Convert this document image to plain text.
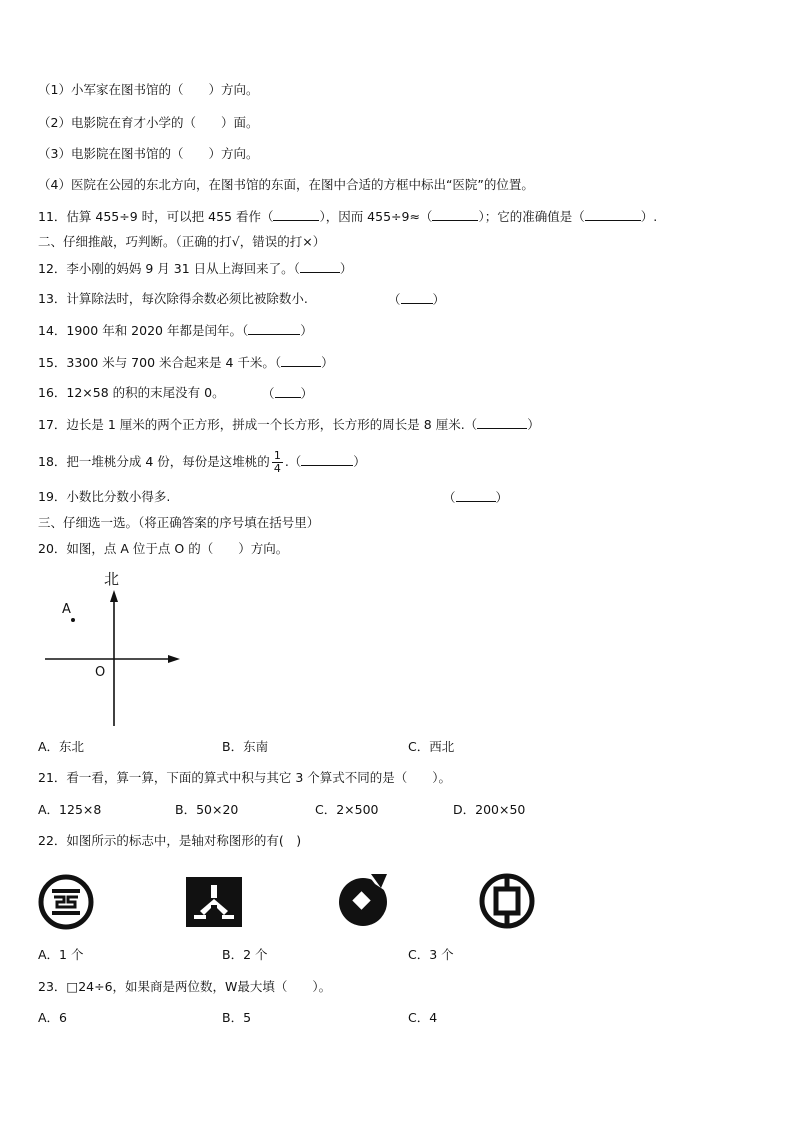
（1）小军家在图书馆的（　　）方向。
（2）电影院在育才小学的（　　）面。
（3）电影院在图书馆的（　　）方向。
（4）医院在公园的东北方向，在图书馆的东面，在图中合适的方框中标出“医院”的位置。
11．估算 455÷9 时，可以把 455 看作（	），因而 455÷9≈（	）；它的准确值是（	）.
二、仔细推敲，巧判断。（正确的打√，错误的打×）
12．李小刚的妈妈 9 月 31 日从上海回来了。（	）
13．计算除法时，每次除得余数必须比被除数小.	（	）
14．1900 年和 2020 年都是闰年。（	）
15．3300 米与 700 米合起来是 4 千米。（	）
16．12×58 的积的末尾没有 0。	（ ）
17．边长是 1 厘米的两个正方形，拼成一个长方形，长方形的周长是 8 厘米.（	）
18．把一堆桃分成 4 份，每份是这堆桃的 $\frac{1}{4}$ .（	）
19．小数比分数小得多.	（	）
三、仔细选一选。（将正确答案的序号填在括号里）
20．如图，点 A 位于点 O 的（　　）方向。
北
A
O
A．东北	B．东南	C．西北
21．看一看，算一算，下面的算式中积与其它 3 个算式不同的是（　　）。
A．125×8	B．50×20	C．2×500	D．200×50
22．如图所示的标志中，是轴对称图形的有(　)
A．1 个	B．2 个	C．3 个
23．□24÷6，如果商是两位数，W最大填（　　）。
A．6	B．5	C．4
